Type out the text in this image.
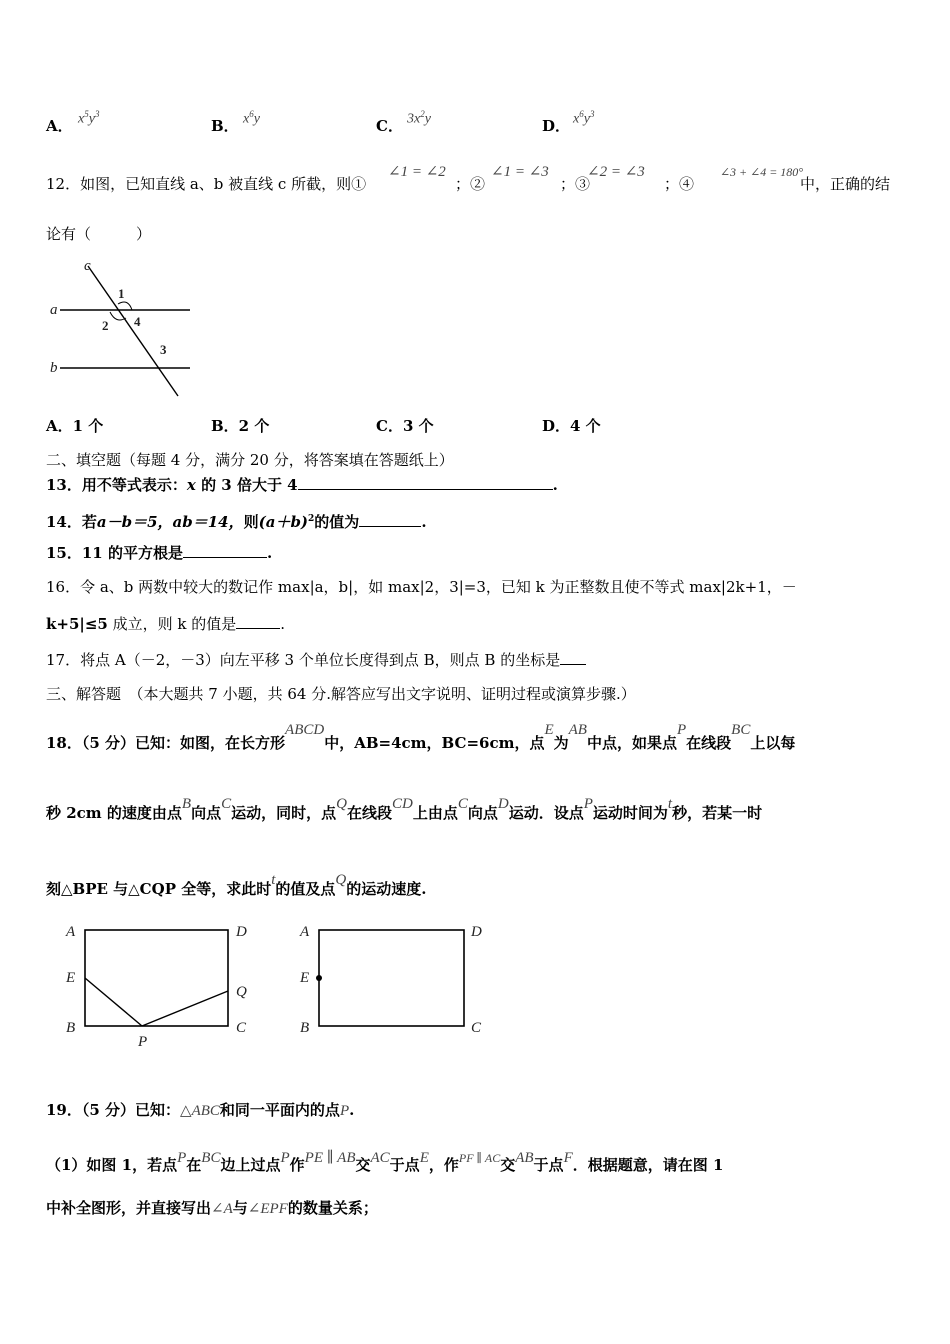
A． $x^5y^3$
B． $x^6y$	C． $3x^2y$	D． $x^6y^3$
12．如图，已知直线 a、b 被直线 c 所截，则①
∠1 = ∠2
；②
∠1 = ∠3
；③
∠2 = ∠3
；④
∠3 + ∠4 = 180°
中，正确的结
论有（　　　）
c
a
b
1
2 4
3
A．1 个	B．2 个	C．3 个	D．4 个
二、填空题（每题 4 分，满分 20 分，将答案填在答题纸上）
13．用不等式表示：x 的 3 倍大于 4	.
14．若a－b＝5，ab＝14，则$(a+b)^2$的值为	.
15．11 的平方根是	.
16．令 a、b 两数中较大的数记作 max|a，b|，如 max|2，3|=3，已知 k 为正整数且使不等式 max|2k+1，－
k+5|≤5 成立，则 k 的值是	.
17．将点 A（－2，－3）向左平移 3 个单位长度得到点 B，则点 B 的坐标是
三、解答题　（本大题共 7 小题，共 64 分.解答应写出文字说明、证明过程或演算步骤.）
18．（5 分）已知：如图，在长方形ABCD中，AB=4cm，BC=6cm，点E为AB中点，如果点P在线段BC上以每
秒 2cm 的速度由点B向点C运动，同时，点Q在线段CD上由点C向点D运动．设点P运动时间为t秒，若某一时
刻△BPE 与△CQP 全等，求此时t的值及点Q的运动速度.
A	D
E
Q
B	C
P
A	D
E
B	C
19．（5 分）已知：△ABC和同一平面内的点P.
（1）如图 1，若点P在BC边上过点P作PE ∥ AB交AC于点E，作$^{PF \parallel AC}$交AB于点F．根据题意，请在图 1
中补全图形，并直接写出∠A与∠EPF的数量关系；
